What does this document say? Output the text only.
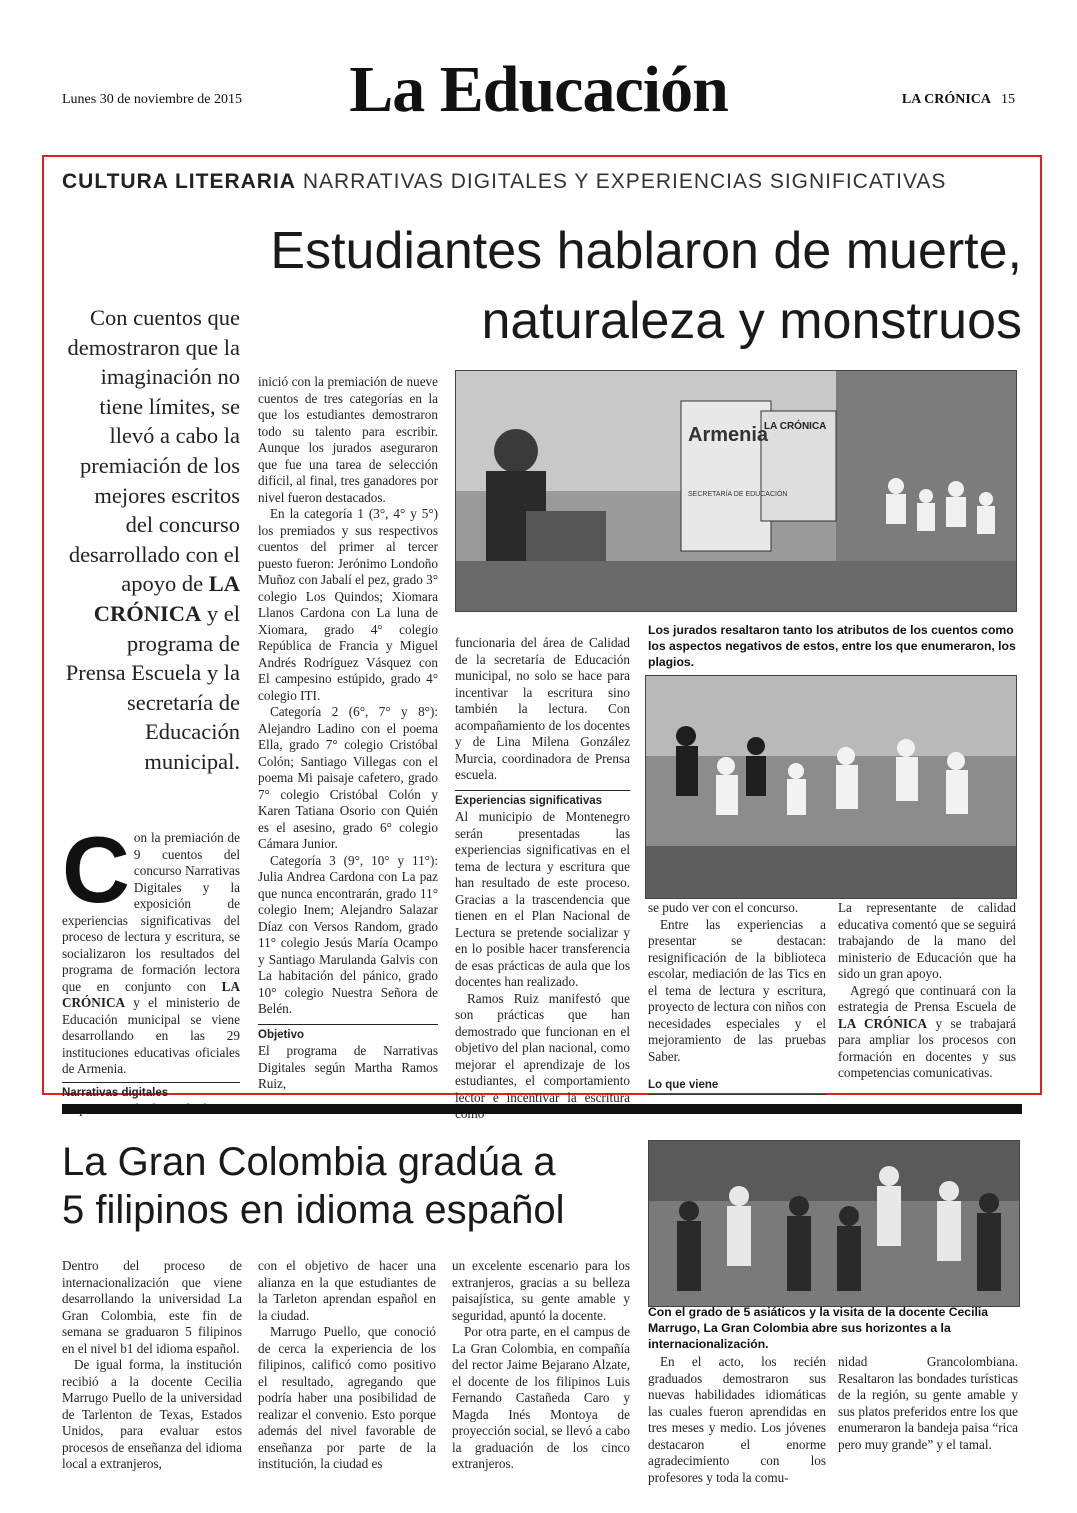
Lunes 30 de noviembre de 2015	La Educación	LA CRÓNICA 15
CULTURA LITERARIA NARRATIVAS DIGITALES Y EXPERIENCIAS SIGNIFICATIVAS
Estudiantes hablaron de muerte,
naturaleza y monstruos
Con cuentos que demostraron que la imaginación no tiene límites, se llevó a cabo la premiación de los mejores escritos del concurso desarrollado con el apoyo de LA CRÓNICA y el programa de Prensa Escuela y la secretaría de Educación municipal.

Con la premiación de 9 cuentos del concurso Narrativas Digitales y la exposición de experiencias significativas del proceso de lectura y escritura, se socializaron los resultados del programa de formación lectora que en conjunto con LA CRÓNICA y el ministerio de Educación municipal se viene desarrollando en las 29 instituciones educativas oficiales de Armenia.

Narrativas digitales

inició con la premiación de nueve cuentos de tres categorías en la que los estudiantes demostraron todo su talento para escribir. Aunque los jurados aseguraron que fue una tarea de selección difícil, al final, tres ganadores por nivel fueron destacados.

En la categoría 1 (3°, 4° y 5°) los premiados y sus respectivos cuentos del primer al tercer puesto fueron: Jerónimo Londoño Muñoz con Jabalí el pez, grado 3° colegio Los Quindos; Xiomara Llanos Cardona con La luna de Xiomara, grado 4° colegio República de Francia y Miguel Andrés Rodríguez Vásquez con El campesino estúpido, grado 4° colegio ITI.

Categoría 2 (6°, 7° y 8°): Alejandro Ladino con el poema Ella, grado 7° colegio Cristóbal Colón; Santiago Villegas con el poema Mi paisaje cafetero, grado 7° colegio Cristóbal Colón y Karen Tatiana Osorio con Quién es el asesino, grado 6° colegio Cámara Junior.

Categoría 3 (9°, 10° y 11°): Julia Andrea Cardona con La paz que nunca encontrarán, grado 11° colegio Inem; Alejandro Salazar Díaz con Versos Random, grado 11° colegio Jesús María Ocampo y Santiago Marulanda Galvis con La habitación del pánico, grado 10° colegio Nuestra Señora de Belén.

Objetivo

El programa de Narrativas Digitales según Martha Ramos Ruiz,

Armenia
SECRETARÍA DE EDUCACIÓN
LA CRÓNICA
Los jurados resaltaron tanto los atributos de los cuentos como los aspectos negativos de estos, entre los que enumeraron, los plagios.

funcionaria del área de Calidad de la secretaría de Educación municipal, no solo se hace para incentivar la escritura sino también la lectura. Con acompañamiento de los docentes y de Lina Milena González Murcia, coordinadora de Prensa escuela.

Experiencias significativas

Al municipio de Montenegro serán presentadas las experiencias significativas en el tema de lectura y escritura que han resultado de este proceso. Gracias a la trascendencia que tienen en el Plan Nacional de Lectura se pretende socializar y en lo posible hacer transferencia de esas prácticas de aula que los docentes han realizado.

Ramos Ruiz manifestó que son prácticas que han demostrado que funcionan en el objetivo del plan nacional, como mejorar el aprendizaje de los estudiantes, el comportamiento lector e incentivar la escritura

se pudo ver con el concurso.

Entre las experiencias a presentar se destacan: resignificación de la biblioteca escolar, mediación de las Tics en el tema de lectura y escritura, proyecto de lectura con niños con necesidades especiales y el mejoramiento de las pruebas Saber.

Lo que viene

La representante de calidad educativa comentó que se seguirá trabajando de la mano del ministerio de Educación que ha sido un gran apoyo.

Agregó que continuará con la estrategia de Prensa Escuela de LA CRÓNICA y se trabajará para ampliar los procesos con formación en docentes y sus competencias comunicativas.

La Gran Colombia gradúa a
5 filipinos en idioma español
Con el grado de 5 asiáticos y la visita de la docente Cecilia Marrugo, La Gran Colombia abre sus horizontes a la internacionalización.

Dentro del proceso de internacionalización que viene desarrollando la universidad La Gran Colombia, este fin de semana se graduaron 5 filipinos en el nivel b1 del idioma español.

De igual forma, la institución recibió a la docente Cecilia Marrugo Puello de la universidad de Tarlenton de Texas, Estados Unidos, para evaluar estos procesos de enseñanza del idioma local a extranjeros,

con el objetivo de hacer una alianza en la que estudiantes de la Tarleton aprendan español en la ciudad.

Marrugo Puello, que conoció de cerca la experiencia de los filipinos, calificó como positivo el resultado, agregando que podría haber una posibilidad de realizar el convenio. Esto porque además del nivel favorable de enseñanza por parte de la institución, la ciudad es

un excelente escenario para los extranjeros, gracias a su belleza paisajística, su gente amable y seguridad, apuntó la docente.

Por otra parte, en el campus de La Gran Colombia, en compañía del rector Jaime Bejarano Alzate, el docente de los filipinos Luis Fernando Castañeda Caro y Magda Inés Montoya de proyección social, se llevó a cabo la graduación de los cinco extranjeros.

En el acto, los recién graduados demostraron sus nuevas habilidades idiomáticas las cuales fueron aprendidas en tres meses y medio. Los jóvenes destacaron el enorme agradecimiento con los profesores y toda la comu-

nidad Grancolombiana. Resaltaron las bondades turísticas de la región, su gente amable y sus platos preferidos entre los que enumeraron la bandeja paisa “rica pero muy grande” y el tamal.
